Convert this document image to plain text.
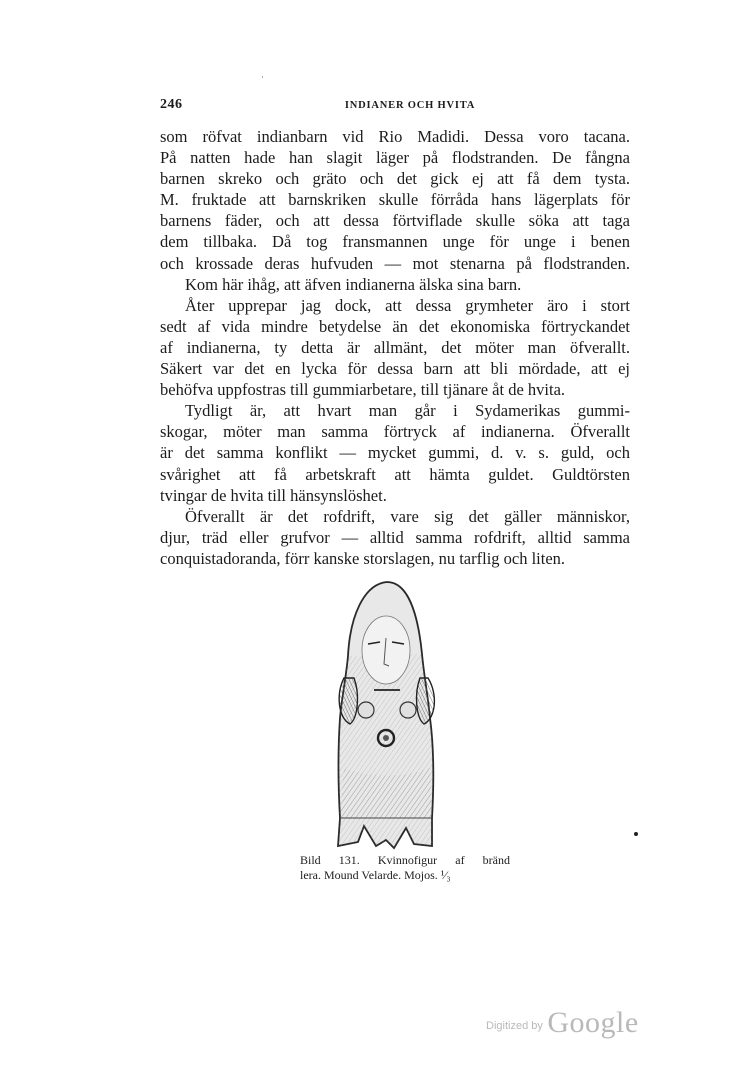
246	INDIANER OCH HVITA
som röfvat indianbarn vid Rio Madidi. Dessa voro tacana.
På natten hade han slagit läger på flodstranden. De fångna
barnen skreko och gräto och det gick ej att få dem tysta.
M. fruktade att barnskriken skulle förråda hans lägerplats för
barnens fäder, och att dessa förtviflade skulle söka att taga
dem tillbaka. Då tog fransmannen unge för unge i benen
och krossade deras hufvuden — mot stenarna på flodstranden.
Kom här ihåg, att äfven indianerna älska sina barn.
Åter upprepar jag dock, att dessa grymheter äro i stort
sedt af vida mindre betydelse än det ekonomiska förtryckandet
af indianerna, ty detta är allmänt, det möter man öfverallt.
Säkert var det en lycka för dessa barn att bli mördade, att ej
behöfva uppfostras till gummiarbetare, till tjänare åt de hvita.
Tydligt är, att hvart man går i Sydamerikas gummi-
skogar, möter man samma förtryck af indianerna. Öfverallt
är det samma konflikt — mycket gummi, d. v. s. guld, och
svårighet att få arbetskraft att hämta guldet. Guldtörsten
tvingar de hvita till hänsynslöshet.
Öfverallt är det rofdrift, vare sig det gäller människor,
djur, träd eller grufvor — alltid samma rofdrift, alltid samma
conquistadoranda, förr kanske storslagen, nu tarflig och liten.
Bild 131. Kvinnofigur af bränd
lera. Mound Velarde. Mojos. ¹⁄₃
Digitized by Google
